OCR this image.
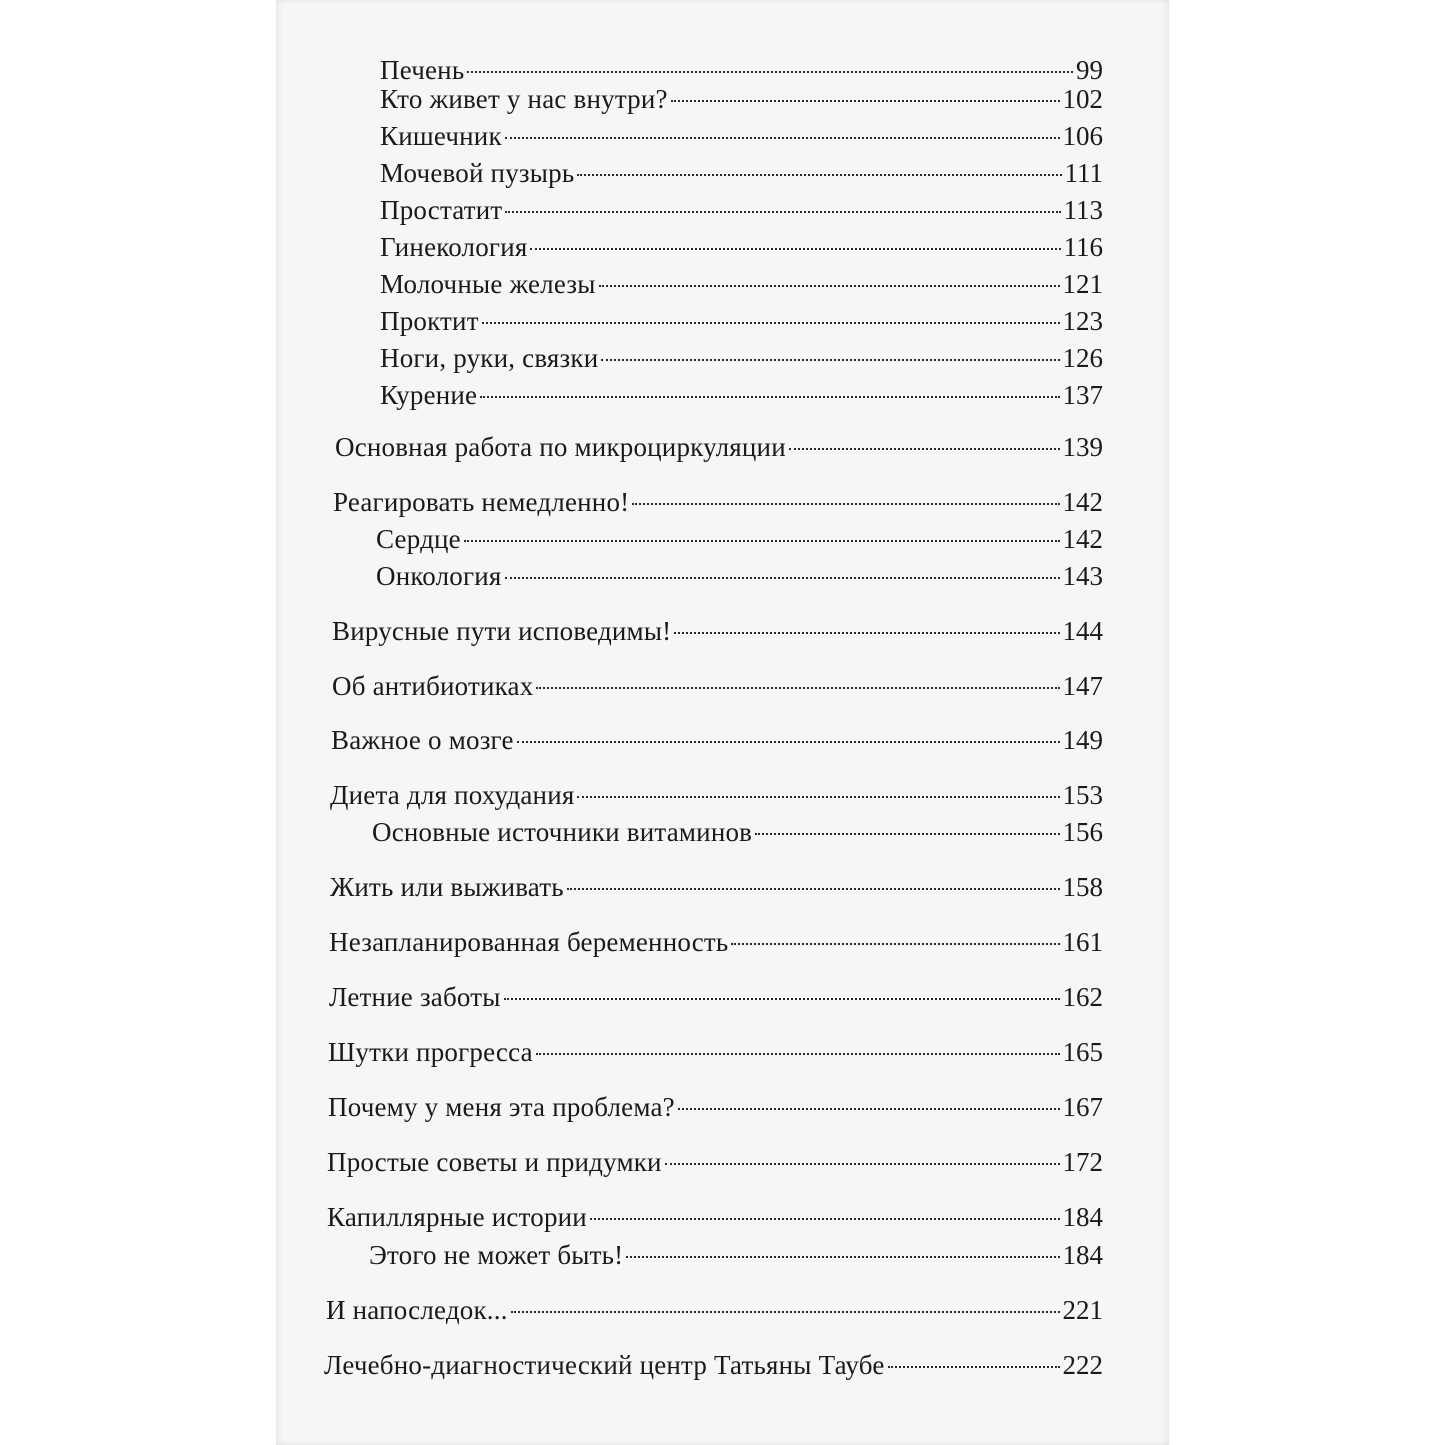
Печень	99
Кто живет у нас внутри?	102
Кишечник	106
Мочевой пузырь	111
Простатит	113
Гинекология	116
Молочные железы	121
Проктит	123
Ноги, руки, связки	126
Курение	137
Основная работа по микроциркуляции	139
Реагировать немедленно!	142
Сердце	142
Онкология	143
Вирусные пути исповедимы!	144
Об антибиотиках	147
Важное о мозге	149
Диета для похудания	153
Основные источники витаминов	156
Жить или выживать	158
Незапланированная беременность	161
Летние заботы	162
Шутки прогресса	165
Почему у меня эта проблема?	167
Простые советы и придумки	172
Капиллярные истории	184
Этого не может быть!	184
И напоследок...	221
Лечебно-диагностический центр Татьяны Таубе	222
